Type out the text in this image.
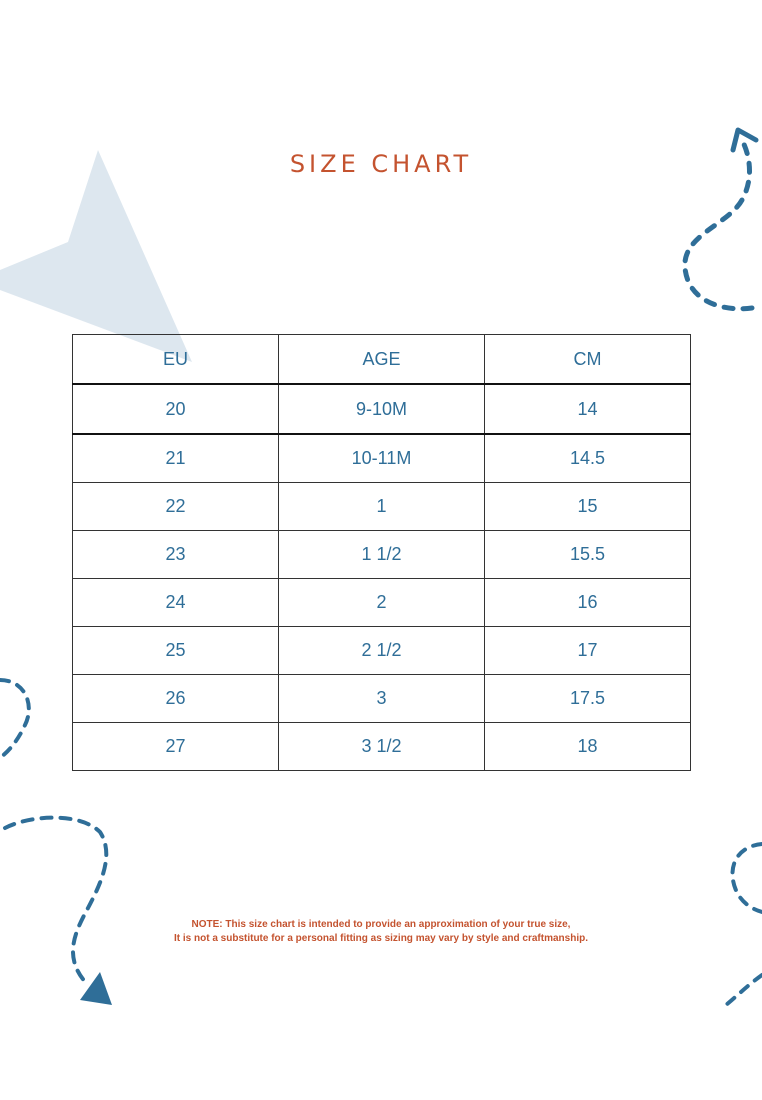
SIZE CHART
EU	AGE	CM
20	9-10M	14
21	10-11M	14.5
22	1	15
23	1 1/2	15.5
24	2	16
25	2 1/2	17
26	3	17.5
27	3 1/2	18
NOTE: This size chart is intended to provide an approximation of your true size,
It is not a substitute for a personal fitting as sizing may vary by style and craftmanship.
